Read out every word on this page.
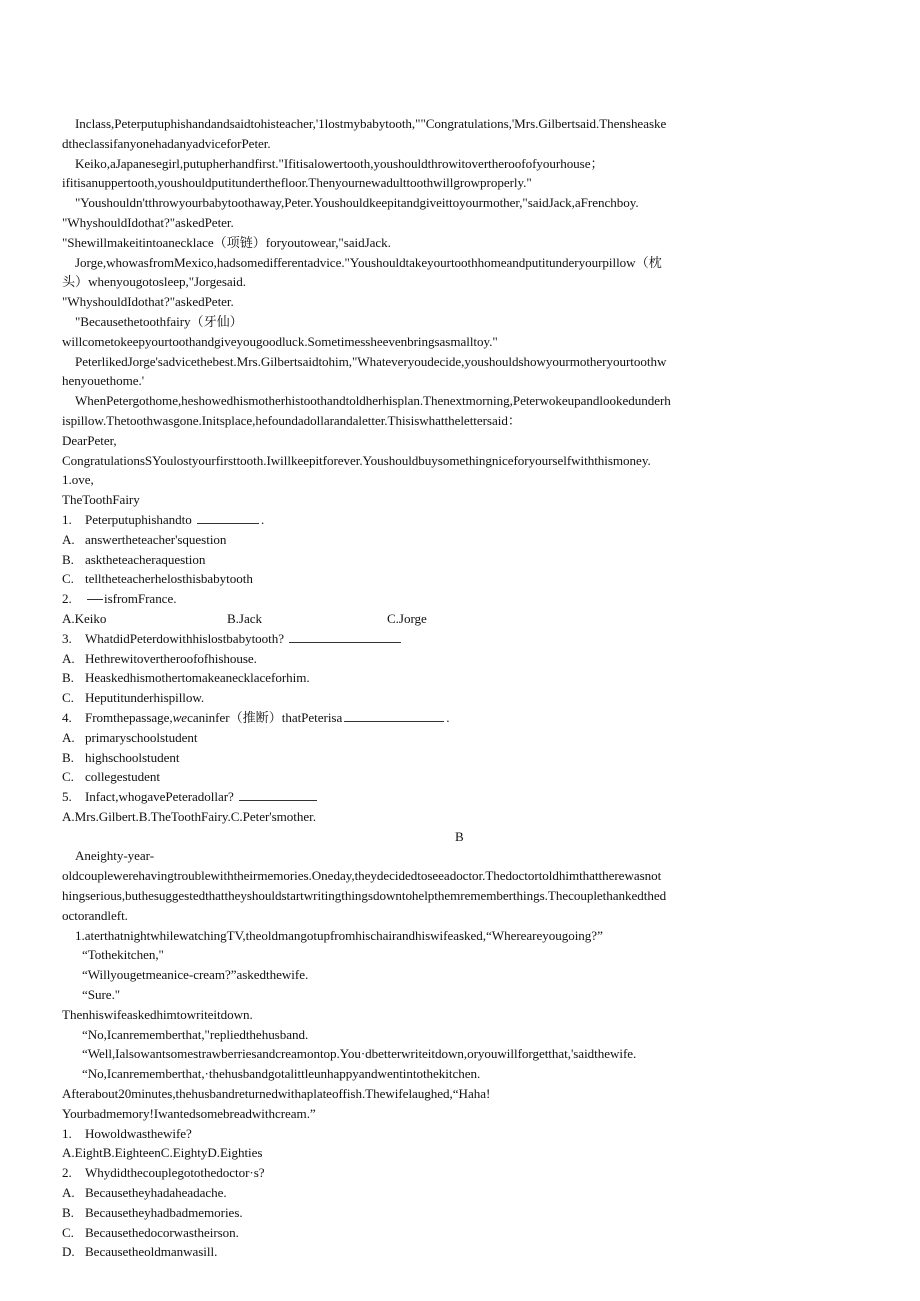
Inclass,Peterputuphishandandsaidtohisteacher,'1lostmybabytooth,""Congratulations,'Mrs.Gilbertsaid.Thensheaske

dtheclassifanyonehadanyadviceforPeter.

Keiko,aJapanesegirl,putupherhandfirst."Ifitisalowertooth,youshouldthrowitovertheroofofyourhouse；

ifitisanuppertooth,youshouldputitunderthefloor.Thenyournewadulttoothwillgrowproperly."

"Youshouldn'tthrowyourbabytoothaway,Peter.Youshouldkeepitandgiveittoyourmother,"saidJack,aFrenchboy.

"WhyshouldIdothat?"askedPeter.

"Shewillmakeitintoanecklace（项链）foryoutowear,"saidJack.

Jorge,whowasfromMexico,hadsomedifferentadvice."Youshouldtakeyourtoothhomeandputitunderyourpillow（枕

头）whenyougotosleep,"Jorgesaid.

"WhyshouldIdothat?"askedPeter.

"Becausethetoothfairy（牙仙）

willcometokeepyourtoothandgiveyougoodluck.Sometimessheevenbringsasmalltoy."

PeterlikedJorge'sadvicethebest.Mrs.Gilbertsaidtohim,"Whateveryoudecide,youshouldshowyourmotheryourtoothw

henyouethome.'

WhenPetergothome,heshowedhismotherhistoothandtoldherhisplan.Thenextmorning,Peterwokeupandlookedunderh

ispillow.Thetoothwasgone.Initsplace,hefoundadollarandaletter.Thisiswhatthelettersaid：

DearPeter,

CongratulationsSYoulostyourfirsttooth.Iwillkeepitforever.Youshouldbuysomethingniceforyourselfwiththismoney.

1.ove,

TheToothFairy

1. Peterputuphishandto	.

A. answertheteacher'squestion

B. asktheteacheraquestion

C. telltheteacherhelosthisbabytooth

2. isfromFrance.

A.Keiko	B.Jack	C.Jorge

3. WhatdidPeterdowithhislostbabytooth?

A. Hethrewitovertheroofofhishouse.

B. Heaskedhismothertomakeanecklaceforhim.

C. Heputitunderhispillow.

4. Fromthepassage,wecaninfer（推断）thatPeterisa	.

A. primaryschoolstudent

B. highschoolstudent

C. collegestudent

5. Infact,whogavePeteradollar?

A.Mrs.Gilbert.B.TheToothFairy.C.Peter'smother.

B

Aneighty-year-

oldcouplewerehavingtroublewiththeirmemories.Oneday,theydecidedtoseeadoctor.Thedoctortoldhimthattherewasnot

hingserious,buthesuggestedthattheyshouldstartwritingthingsdowntohelpthemrememberthings.Thecouplethankedthed

octorandleft.

1.aterthatnightwhilewatchingTV,theoldmangotupfromhischairandhiswifeasked,“Whereareyougoing?”

“Tothekitchen,"

“Willyougetmeanice-cream?”askedthewife.

“Sure."

Thenhiswifeaskedhimtowriteitdown.

“No,Icanrememberthat,"repliedthehusband.

“Well,Ialsowantsomestrawberriesandcreamontop.You·dbetterwriteitdown,oryouwillforgetthat,'saidthewife.

“No,Icanrememberthat,·thehusbandgotalittleunhappyandwentintothekitchen.

Afterabout20minutes,thehusbandreturnedwithaplateoffish.Thewifelaughed,“Haha!

Yourbadmemory!Iwantedsomebreadwithcream.”

1. Howoldwasthewife?

A.EightB.EighteenC.EightyD.Eighties

2. Whydidthecouplegotothedoctor·s?

A. Becausetheyhadaheadache.

B. Becausetheyhadbadmemories.

C. Becausethedocorwastheirson.

D. Becausetheoldmanwasill.
